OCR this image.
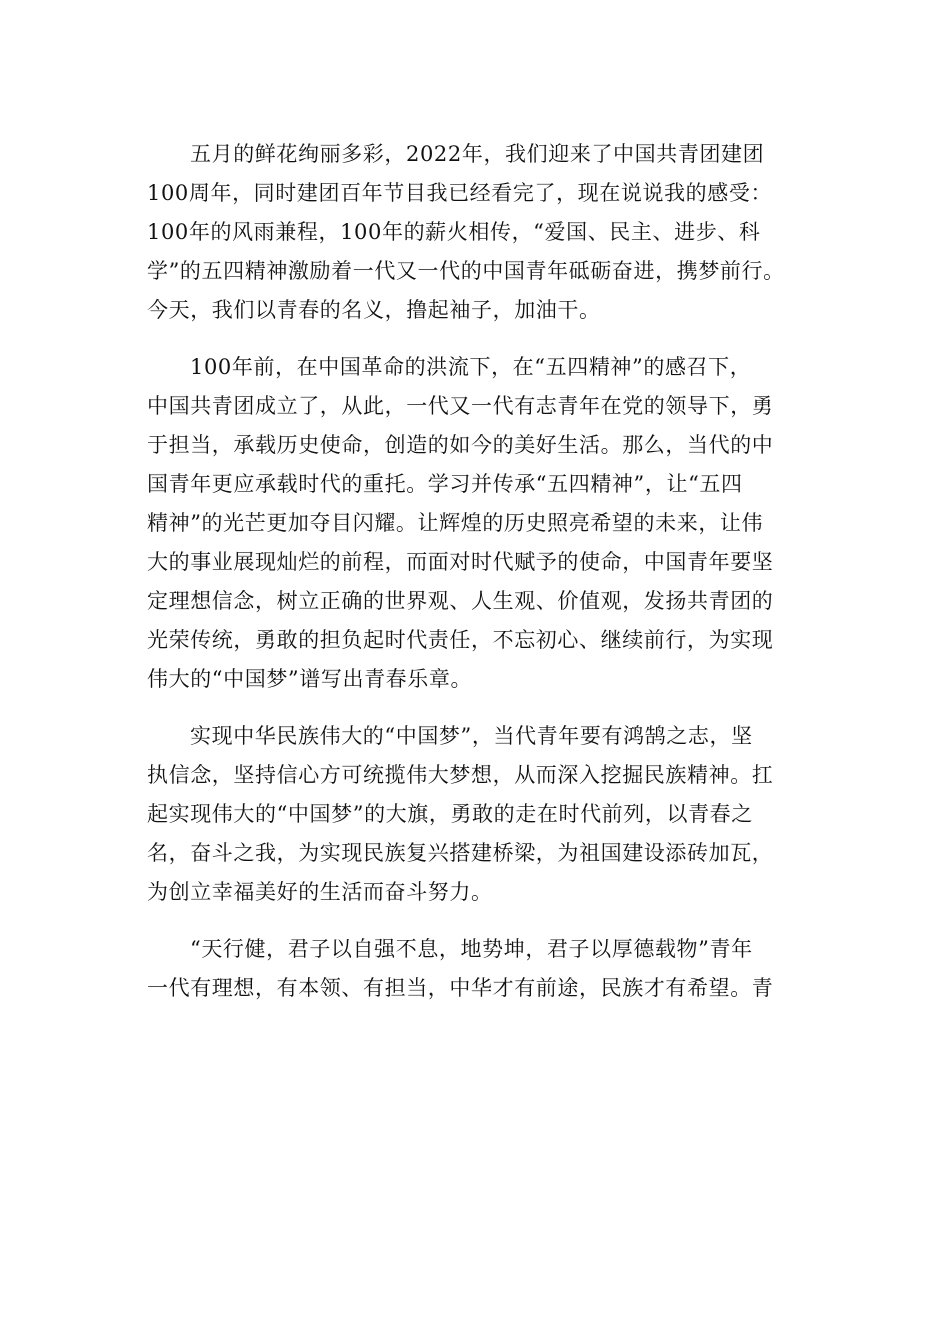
五月的鲜花绚丽多彩，2022年，我们迎来了中国共青团建团
100周年，同时建团百年节目我已经看完了，现在说说我的感受：
100年的风雨兼程，100年的薪火相传，“爱国、民主、进步、科
学”的五四精神激励着一代又一代的中国青年砥砺奋进，携梦前行。
今天，我们以青春的名义，撸起袖子，加油干。
100年前，在中国革命的洪流下，在“五四精神”的感召下，
中国共青团成立了，从此，一代又一代有志青年在党的领导下，勇
于担当，承载历史使命，创造的如今的美好生活。那么，当代的中
国青年更应承载时代的重托。学习并传承“五四精神”，让“五四
精神”的光芒更加夺目闪耀。让辉煌的历史照亮希望的未来，让伟
大的事业展现灿烂的前程，而面对时代赋予的使命，中国青年要坚
定理想信念，树立正确的世界观、人生观、价值观，发扬共青团的
光荣传统，勇敢的担负起时代责任，不忘初心、继续前行，为实现
伟大的“中国梦”谱写出青春乐章。
实现中华民族伟大的“中国梦”，当代青年要有鸿鹄之志，坚
执信念，坚持信心方可统揽伟大梦想，从而深入挖掘民族精神。扛
起实现伟大的“中国梦”的大旗，勇敢的走在时代前列，以青春之
名，奋斗之我，为实现民族复兴搭建桥梁，为祖国建设添砖加瓦，
为创立幸福美好的生活而奋斗努力。
“天行健，君子以自强不息，地势坤，君子以厚德载物”青年
一代有理想，有本领、有担当，中华才有前途，民族才有希望。青
